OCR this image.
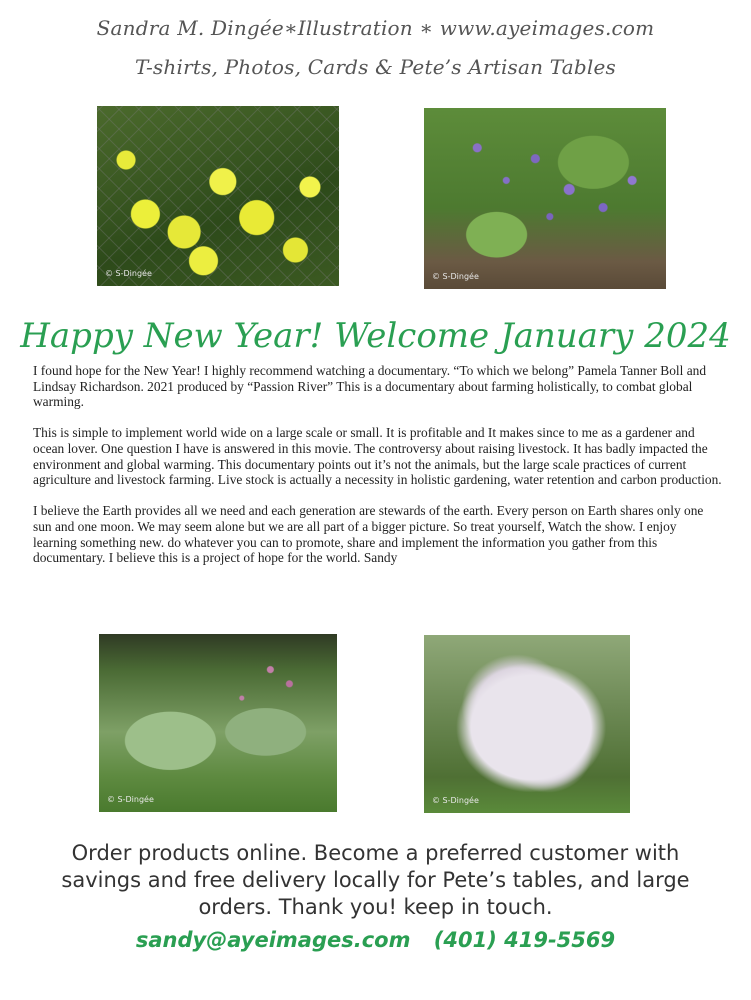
Sandra M. Dingée∗Illustration ∗ www.ayeimages.com
T-shirts, Photos, Cards & Pete’s Artisan Tables
© S-Dingée	© S-Dingée
Happy New Year! Welcome January 2024

I found hope for the New Year! I highly recommend watching a documentary. “To which we belong” Pamela Tanner Boll and Lindsay Richardson. 2021 produced by “Passion River” This is a documentary about farming holistically, to combat global warming.

This is simple to implement world wide on a large scale or small. It is profitable and It makes since to me as a gardener and ocean lover. One question I have is answered in this movie. The controversy about raising livestock. It has badly impacted the environment and global warming. This documentary points out it’s not the animals, but the large scale practices of current agriculture and livestock farming. Live stock is actually a necessity in holistic gardening, water retention and carbon production.

I believe the Earth provides all we need and each generation are stewards of the earth. Every person on Earth shares only one sun and one moon. We may seem alone but we are all part of a bigger picture. So treat yourself, Watch the show. I enjoy learning something new. do whatever you can to promote, share and implement the information you gather from this documentary. I believe this is a project of hope for the world. Sandy

© S-Dingée	© S-Dingée
Order products online. Become a preferred customer with savings and free delivery locally for Pete’s tables, and large orders. Thank you! keep in touch.
sandy@ayeimages.com (401) 419-5569
